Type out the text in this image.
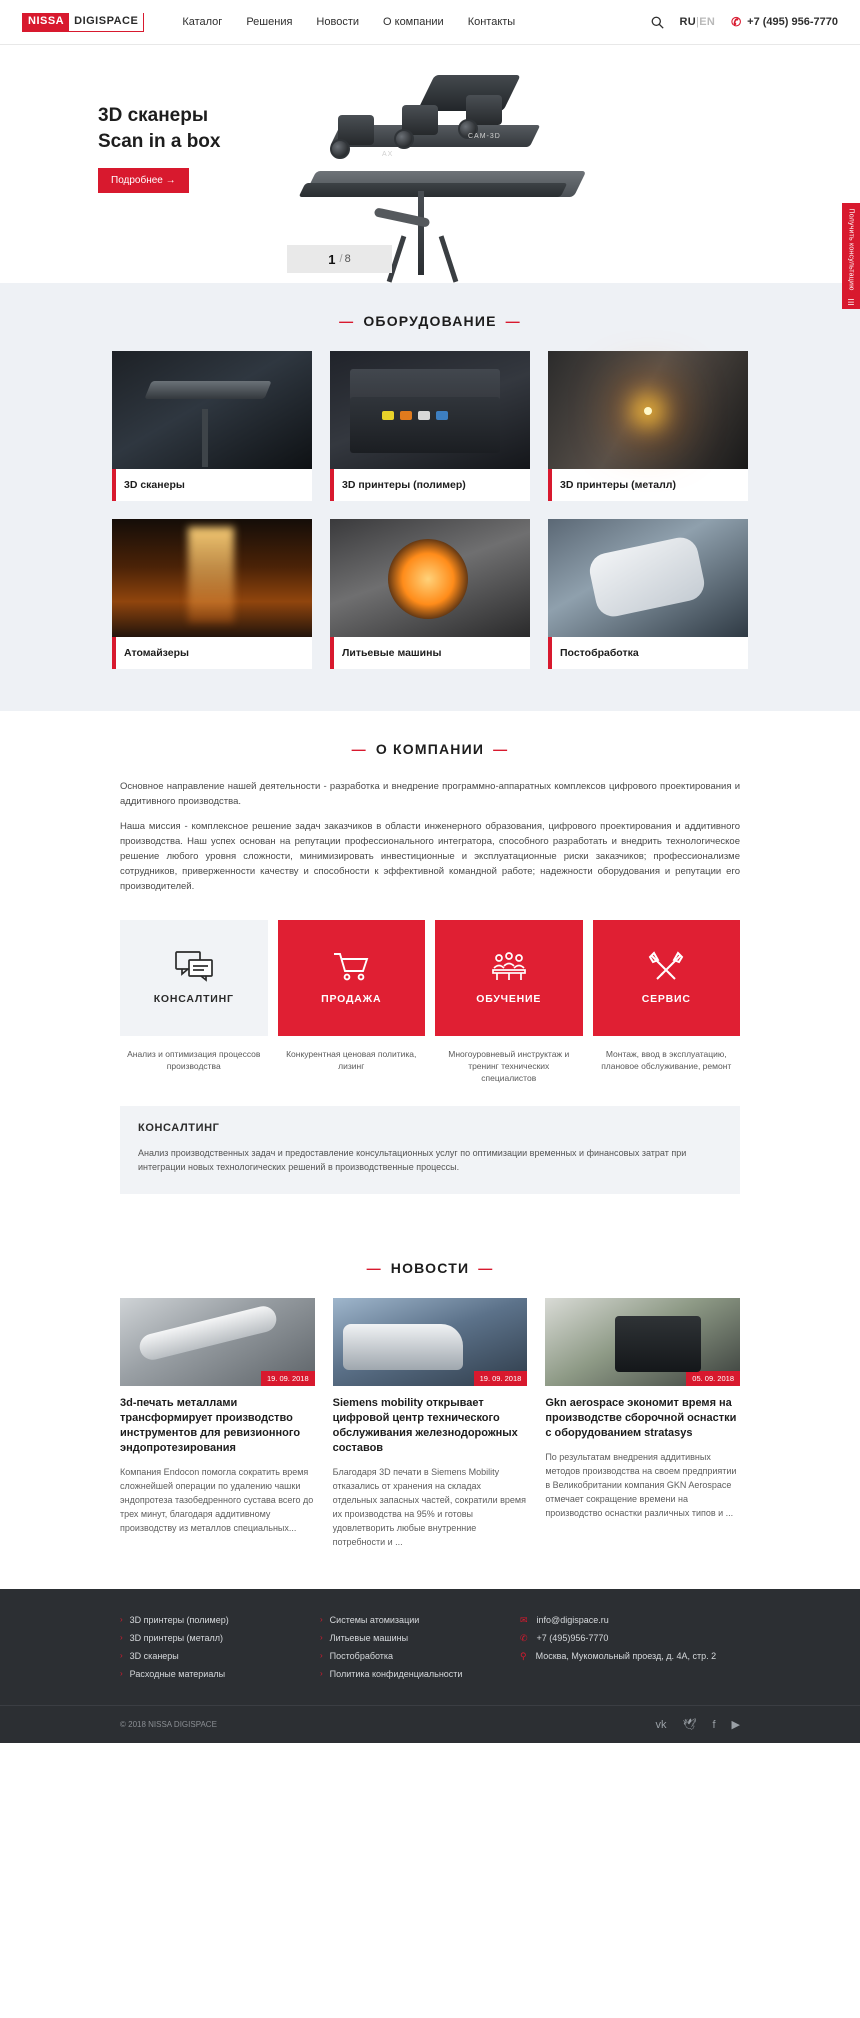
NISSA DIGISPACE	Каталог Решения Новости О компании Контакты	RU|EN ✆ +7 (495) 956-7770
3D сканеры
Scan in a box
Подробнее →
AX
CAM-3D
1 / 8	Получить консультацию
☰
— ОБОРУДОВАНИЕ —
3D сканеры	3D принтеры (полимер)	3D принтеры (металл)
Атомайзеры	Литьевые машины	Постобработка
— О КОМПАНИИ —

Основное направление нашей деятельности - разработка и внедрение программно-аппаратных комплексов цифрового проектирования и аддитивного производства.

Наша миссия - комплексное решение задач заказчиков в области инженерного образования, цифрового проектирования и аддитивного производства. Наш успех основан на репутации профессионального интегратора, способного разработать и внедрить технологическое решение любого уровня сложности, минимизировать инвестиционные и эксплуатационные риски заказчиков; профессионализме сотрудников, приверженности качеству и способности к эффективной командной работе; надежности оборудования и репутации его производителей.

КОНСАЛТИНГ	ПРОДАЖА	ОБУЧЕНИЕ	СЕРВИС
Анализ и оптимизация процессов производства
Конкурентная ценовая политика, лизинг
Многоуровневый инструктаж и тренинг технических специалистов
Монтаж, ввод в эксплуатацию, плановое обслуживание, ремонт
КОНСАЛТИНГ

Анализ производственных задач и предоставление консультационных услуг по оптимизации временных и финансовых затрат при интеграции новых технологических решений в производственные процессы.

— НОВОСТИ —
19. 09. 2018
3d-печать металлами трансформирует производство инструментов для ревизионного эндопротезирования
Компания Endocon помогла сократить время сложнейшей операции по удалению чашки эндопротеза тазобедренного сустава всего до трех минут, благодаря аддитивному производству из металлов специальных...
19. 09. 2018
Siemens mobility открывает цифровой центр технического обслуживания железнодорожных составов
Благодаря 3D печати в Siemens Mobility отказались от хранения на складах отдельных запасных частей, сократили время их производства на 95% и готовы удовлетворить любые внутренние потребности и ...
05. 09. 2018
Gkn aerospace экономит время на производстве сборочной оснастки с оборудованием stratasys
По результатам внедрения аддитивных методов производства на своем предприятии в Великобритании компания GKN Aerospace отмечает сокращение времени на производство оснастки различных типов и ...
› 3D принтеры (полимер)
› 3D принтеры (металл)
› 3D сканеры
› Расходные материалы
› Системы атомизации
› Литьевые машины
› Постобработка
› Политика конфиденциальности
✉ info@digispace.ru
✆ +7 (495)956-7770
⚲ Москва, Мукомольный проезд, д. 4А, стр. 2
© 2018 NISSA DIGISPACE	vk 🕊 f ▶
